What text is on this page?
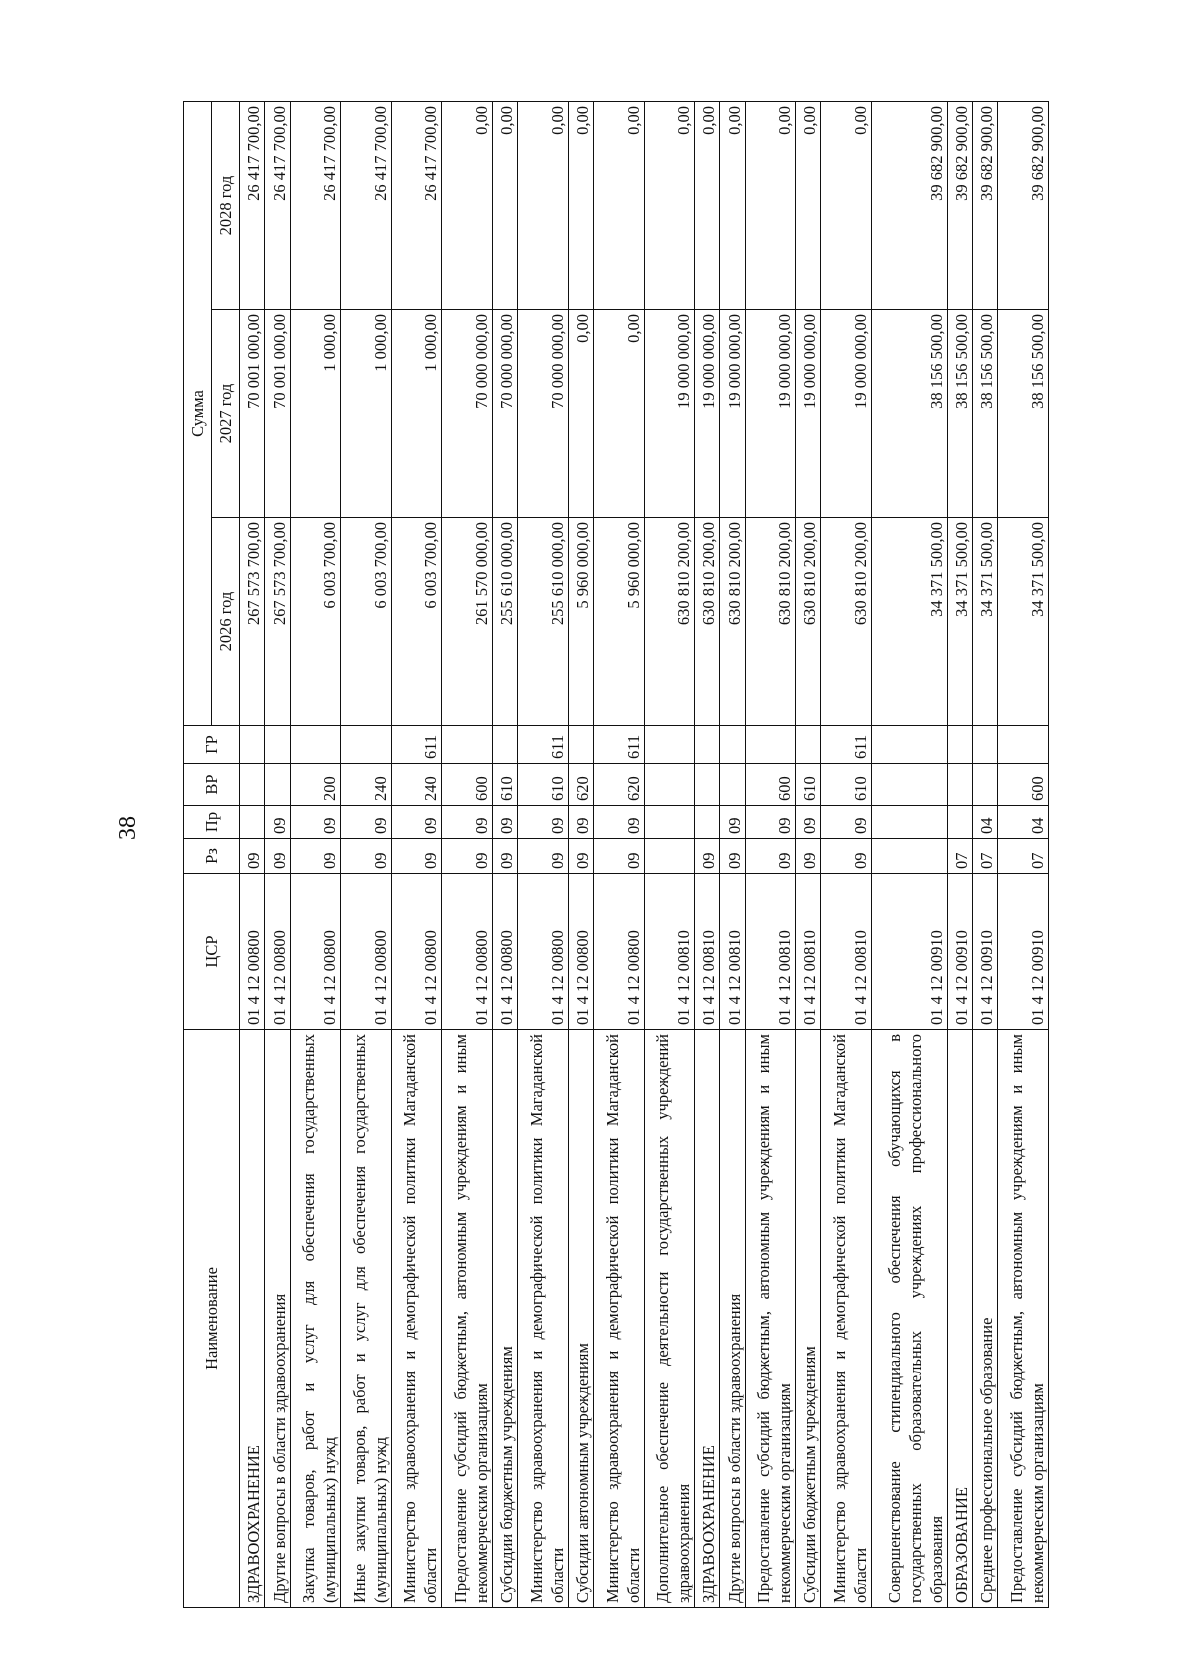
38
Наименование	ЦСР	Рз	Пр	ВР	ГР	Сумма		
						2026 год	2027 год	2028 год
ЗДРАВООХРАНЕНИЕ	01 4 12 00800	09				267 573 700,00	70 001 000,00	26 417 700,00
Другие вопросы в области здравоохранения	01 4 12 00800	09	09			267 573 700,00	70 001 000,00	26 417 700,00
Закупка товаров, работ и услуг для обеспечения государственных (муниципальных) нужд	01 4 12 00800	09	09	200		6 003 700,00	1 000,00	26 417 700,00
Иные закупки товаров, работ и услуг для обеспечения государственных (муниципальных) нужд	01 4 12 00800	09	09	240		6 003 700,00	1 000,00	26 417 700,00
Министерство здравоохранения и демографической политики Магаданской области	01 4 12 00800	09	09	240	611	6 003 700,00	1 000,00	26 417 700,00
Предоставление субсидий бюджетным, автономным учреждениям и иным некоммерческим организациям	01 4 12 00800	09	09	600		261 570 000,00	70 000 000,00	0,00
Субсидии бюджетным учреждениям	01 4 12 00800	09	09	610		255 610 000,00	70 000 000,00	0,00
Министерство здравоохранения и демографической политики Магаданской области	01 4 12 00800	09	09	610	611	255 610 000,00	70 000 000,00	0,00
Субсидии автономным учреждениям	01 4 12 00800	09	09	620		5 960 000,00	0,00	0,00
Министерство здравоохранения и демографической политики Магаданской области	01 4 12 00800	09	09	620	611	5 960 000,00	0,00	0,00
Дополнительное обеспечение деятельности государственных учреждений здравоохранения	01 4 12 00810					630 810 200,00	19 000 000,00	0,00
ЗДРАВООХРАНЕНИЕ	01 4 12 00810	09				630 810 200,00	19 000 000,00	0,00
Другие вопросы в области здравоохранения	01 4 12 00810	09	09			630 810 200,00	19 000 000,00	0,00
Предоставление субсидий бюджетным, автономным учреждениям и иным некоммерческим организациям	01 4 12 00810	09	09	600		630 810 200,00	19 000 000,00	0,00
Субсидии бюджетным учреждениям	01 4 12 00810	09	09	610		630 810 200,00	19 000 000,00	0,00
Министерство здравоохранения и демографической политики Магаданской области	01 4 12 00810	09	09	610	611	630 810 200,00	19 000 000,00	0,00
Совершенствование стипендиального обеспечения обучающихся в государственных образовательных учреждениях профессионального образования	01 4 12 00910					34 371 500,00	38 156 500,00	39 682 900,00
ОБРАЗОВАНИЕ	01 4 12 00910	07				34 371 500,00	38 156 500,00	39 682 900,00
Среднее профессиональное образование	01 4 12 00910	07	04			34 371 500,00	38 156 500,00	39 682 900,00
Предоставление субсидий бюджетным, автономным учреждениям и иным некоммерческим организациям	01 4 12 00910	07	04	600		34 371 500,00	38 156 500,00	39 682 900,00
